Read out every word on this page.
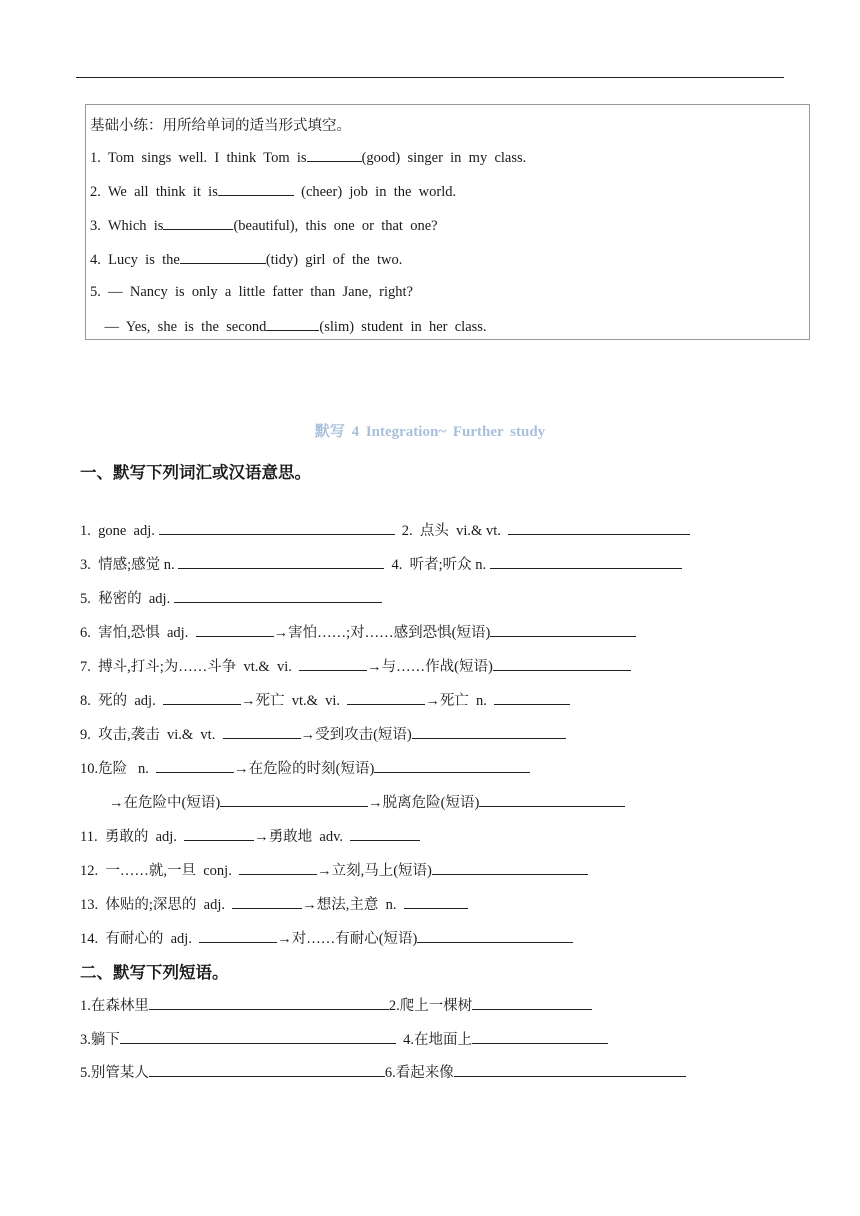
基础小练：用所给单词的适当形式填空。
1.  Tom  sings  well.  I  think  Tom  is	(good)  singer  in  my  class.
2.  We  all  think  it  is	(cheer)  job  in  the  world.
3.  Which  is	(beautiful),  this  one  or  that  one?
4.  Lucy  is  the	(tidy)  girl  of  the  two.
5.  —  Nancy  is  only  a  little  fatter  than  Jane,  right?
—  Yes,  she  is  the  second	(slim)  student  in  her  class.
默写 4 Integration~ Further study
一、默写下列词汇或汉语意思。
1.  gone  adj.	2.  点头  vi.& vt.
3.  情感;感觉 n.	4.  听者;听众 n.
5.  秘密的  adj.
6.  害怕,恐惧  adj.	→害怕……;对……感到恐惧(短语)
7.  搏斗,打斗;为……斗争  vt.&  vi.	→与……作战(短语)
8.  死的  adj.	→死亡  vt.&  vi.	→死亡  n.
9.  攻击,袭击  vi.&  vt.	→受到攻击(短语)
10.危险   n.	→在危险的时刻(短语)
→在危险中(短语)	→脱离危险(短语)
11.  勇敢的  adj.	→勇敢地  adv.
12.  一……就,一旦  conj.	→立刻,马上(短语)
13.  体贴的;深思的  adj.	→想法,主意  n.
14.  有耐心的  adj.	→对……有耐心(短语)
二、默写下列短语。
1.在森林里	2.爬上一棵树
3.躺下	4.在地面上
5.别管某人	6.看起来像
